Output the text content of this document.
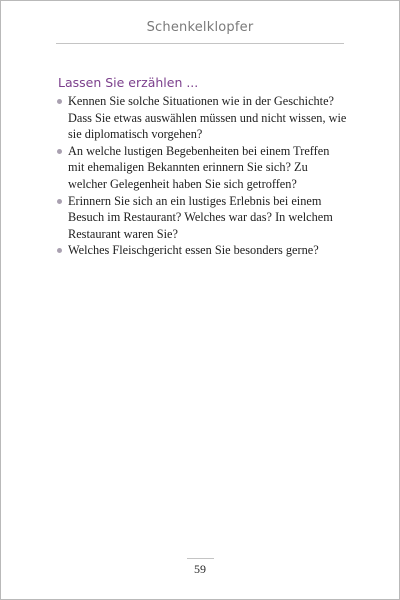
Schenkelklopfer
Lassen Sie erzählen ...
Kennen Sie solche Situationen wie in der Geschichte? Dass Sie etwas auswählen müssen und nicht wissen, wie sie diplomatisch vorgehen?
An welche lustigen Begebenheiten bei einem Treffen mit ehemaligen Bekannten erinnern Sie sich? Zu welcher Gelegenheit haben Sie sich getroffen?
Erinnern Sie sich an ein lustiges Erlebnis bei einem Besuch im Restaurant? Welches war das? In welchem Restaurant waren Sie?
Welches Fleischgericht essen Sie besonders gerne?
59
